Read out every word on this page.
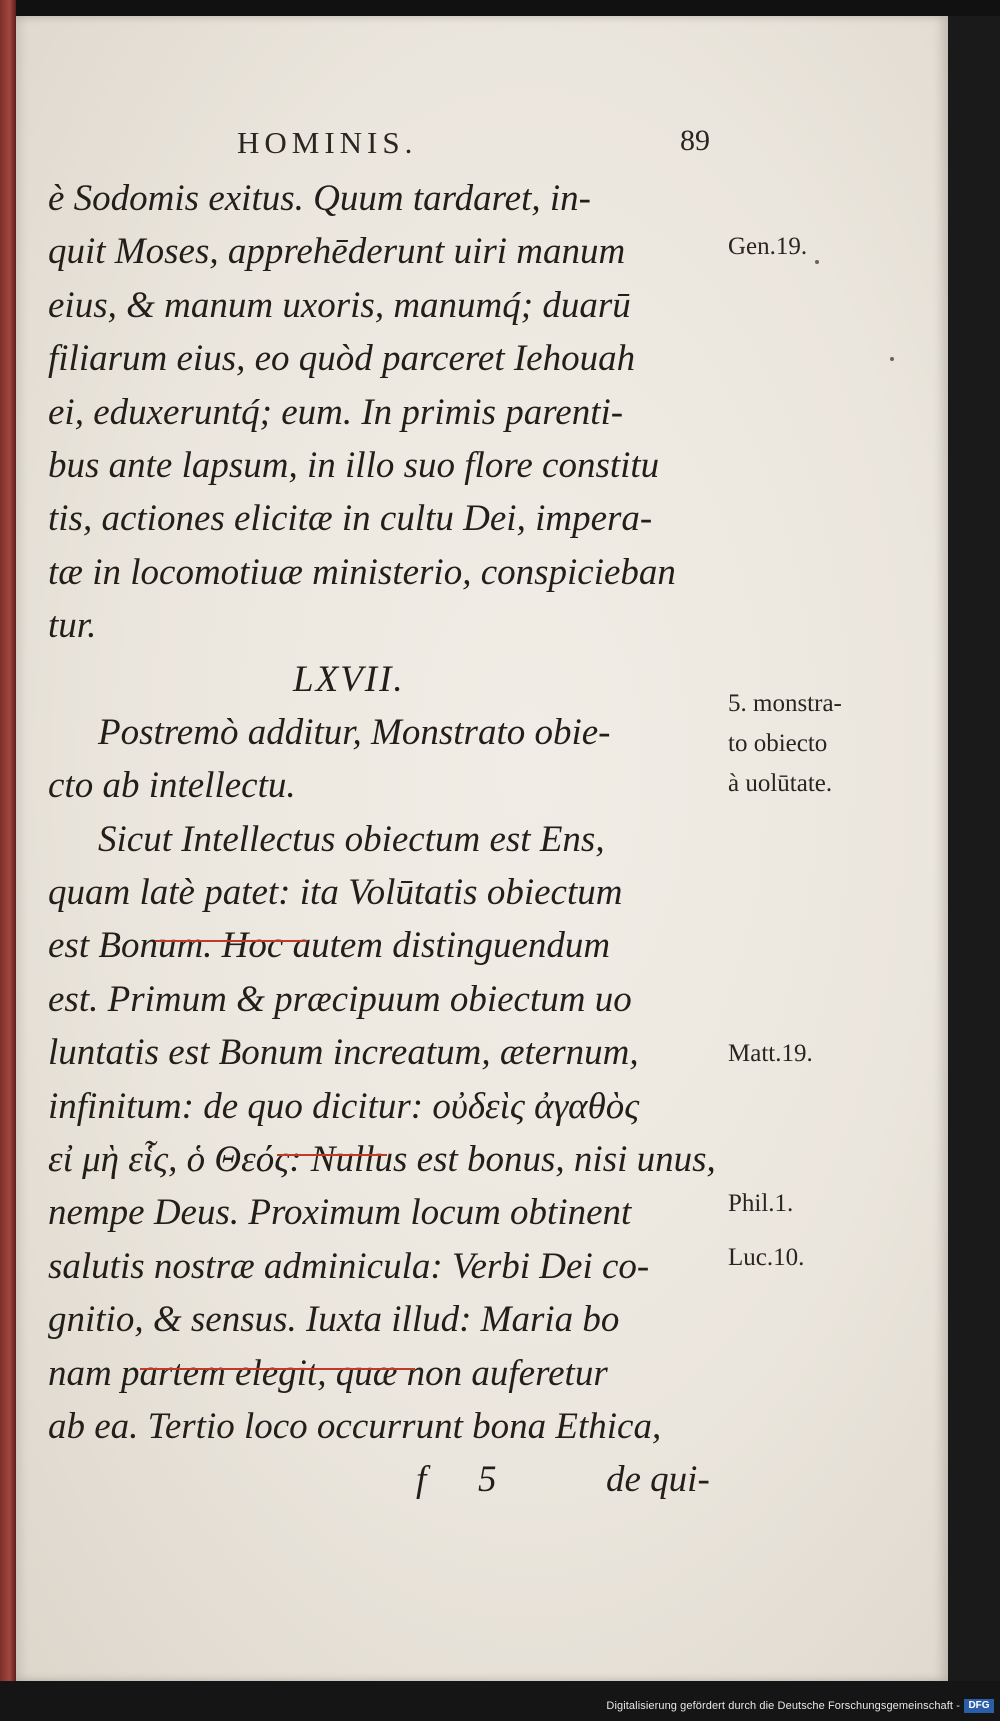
HOMINIS.	89
è Sodomis exitus. Quum tardaret, in-
quit Moses, apprehēderunt uiri manum
eius, & manum uxoris, manumq́; duarū
filiarum eius, eo quòd parceret Iehouah
ei, eduxeruntq́; eum. In primis parenti-
bus ante lapsum, in illo suo flore constitu
tis, actiones elicitæ in cultu Dei, impera-
tæ in locomotiuæ ministerio, conspicieban
tur.
LXVII.
Postremò additur, Monstrato obie-
cto ab intellectu.
Sicut Intellectus obiectum est Ens,
quam latè patet: ita Volūtatis obiectum
est Bonum. Hoc autem distinguendum
est. Primum & præcipuum obiectum uo
luntatis est Bonum increatum, æternum,
infinitum: de quo dicitur: οὐδεὶς ἀγαθὸς
εἰ μὴ εἷς, ὁ Θεός: Nullus est bonus, nisi unus,
nempe Deus. Proximum locum obtinent
salutis nostræ adminicula: Verbi Dei co-
gnitio, & sensus. Iuxta illud: Maria bo
nam partem elegit, quæ non auferetur
ab ea. Tertio loco occurrunt bona Ethica,
f 5	de qui-
Gen.19.
5. monstra-
to obiecto
à uolūtate.
Matt.19.
Phil.1.
Luc.10.
Digitalisierung gefördert durch die Deutsche Forschungsgemeinschaft - DFG
